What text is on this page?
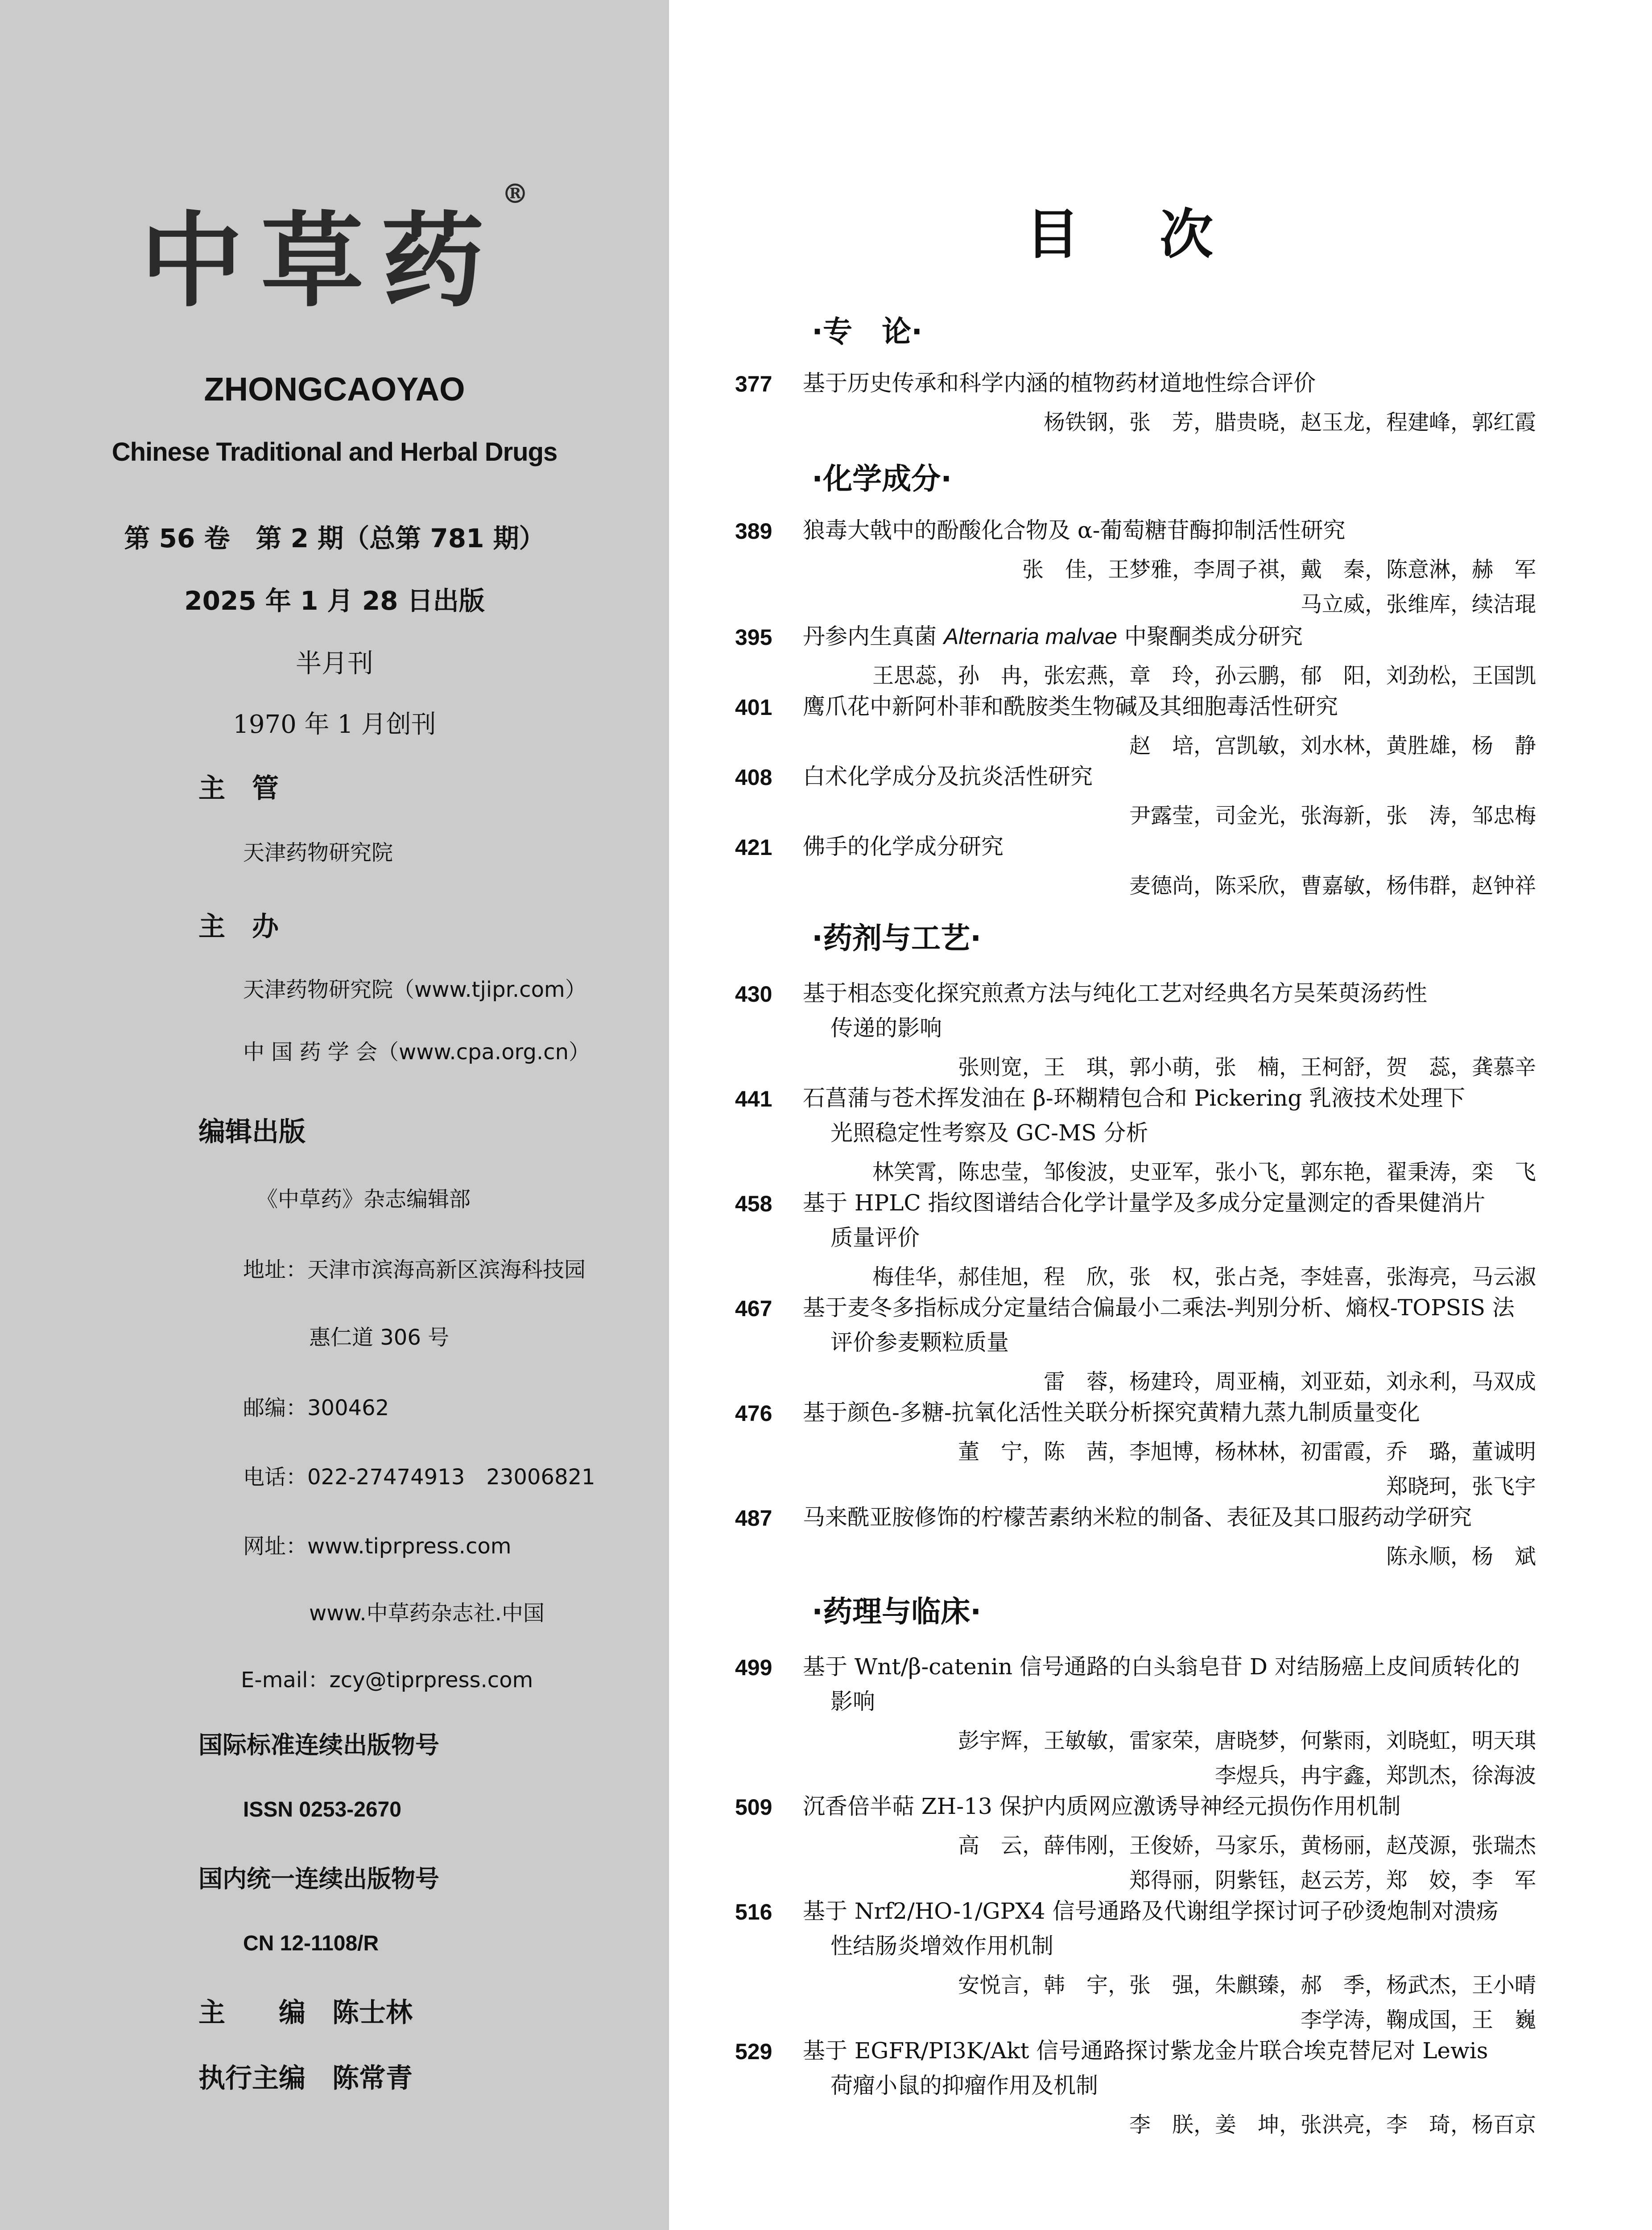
中草药®
ZHONGCAOYAO
Chinese Traditional and Herbal Drugs
第 56 卷　第 2 期（总第 781 期）
2025 年 1 月 28 日出版
半月刊
1970 年 1 月创刊
主　管
天津药物研究院
主　办
天津药物研究院（www.tjipr.com）
中 国 药 学 会（www.cpa.org.cn）
编辑出版
《中草药》杂志编辑部
地址：天津市滨海高新区滨海科技园
惠仁道 306 号
邮编：300462
电话：022-27474913　23006821
网址：www.tiprpress.com
www.中草药杂志社.中国
E-mail：zcy@tiprpress.com
国际标准连续出版物号
ISSN 0253-2670
国内统一连续出版物号
CN 12-1108/R
主　　编　陈士林
执行主编　陈常青
目次
·专　论·
377 基于历史传承和科学内涵的植物药材道地性综合评价
杨铁钢，张　芳，腊贵晓，赵玉龙，程建峰，郭红霞
·化学成分·
389 狼毒大戟中的酚酸化合物及 α-葡萄糖苷酶抑制活性研究
张　佳，王梦雅，李周子祺，戴　秦，陈意淋，赫　军
马立威，张维库，续洁琨
395 丹参内生真菌 Alternaria malvae 中聚酮类成分研究
王思蕊，孙　冉，张宏燕，章　玲，孙云鹏，郁　阳，刘劲松，王国凯
401 鹰爪花中新阿朴菲和酰胺类生物碱及其细胞毒活性研究
赵　培，宫凯敏，刘水林，黄胜雄，杨　静
408 白术化学成分及抗炎活性研究
尹露莹，司金光，张海新，张　涛，邹忠梅
421 佛手的化学成分研究
麦德尚，陈采欣，曹嘉敏，杨伟群，赵钟祥
·药剂与工艺·
430 基于相态变化探究煎煮方法与纯化工艺对经典名方吴茱萸汤药性
传递的影响
张则宽，王　琪，郭小萌，张　楠，王柯舒，贺　蕊，龚慕辛
441 石菖蒲与苍术挥发油在 β-环糊精包合和 Pickering 乳液技术处理下
光照稳定性考察及 GC-MS 分析
林笑霄，陈忠莹，邹俊波，史亚军，张小飞，郭东艳，翟秉涛，栾　飞
458 基于 HPLC 指纹图谱结合化学计量学及多成分定量测定的香果健消片
质量评价
梅佳华，郝佳旭，程　欣，张　权，张占尧，李娃喜，张海亮，马云淑
467 基于麦冬多指标成分定量结合偏最小二乘法-判别分析、熵权-TOPSIS 法
评价参麦颗粒质量
雷　蓉，杨建玲，周亚楠，刘亚茹，刘永利，马双成
476 基于颜色-多糖-抗氧化活性关联分析探究黄精九蒸九制质量变化
董　宁，陈　茜，李旭博，杨林林，初雷霞，乔　璐，董诚明
郑晓珂，张飞宇
487 马来酰亚胺修饰的柠檬苦素纳米粒的制备、表征及其口服药动学研究
陈永顺，杨　斌
·药理与临床·
499 基于 Wnt/β-catenin 信号通路的白头翁皂苷 D 对结肠癌上皮间质转化的
影响
彭宇辉，王敏敏，雷家荣，唐晓梦，何紫雨，刘晓虹，明天琪
李煜兵，冉宇鑫，郑凯杰，徐海波
509 沉香倍半萜 ZH-13 保护内质网应激诱导神经元损伤作用机制
高　云，薛伟刚，王俊娇，马家乐，黄杨丽，赵茂源，张瑞杰
郑得丽，阴紫钰，赵云芳，郑　姣，李　军
516 基于 Nrf2/HO-1/GPX4 信号通路及代谢组学探讨诃子砂烫炮制对溃疡
性结肠炎增效作用机制
安悦言，韩　宇，张　强，朱麒臻，郝　季，杨武杰，王小晴
李学涛，鞠成国，王　巍
529 基于 EGFR/PI3K/Akt 信号通路探讨紫龙金片联合埃克替尼对 Lewis
荷瘤小鼠的抑瘤作用及机制
李　朕，姜　坤，张洪亮，李　琦，杨百京
